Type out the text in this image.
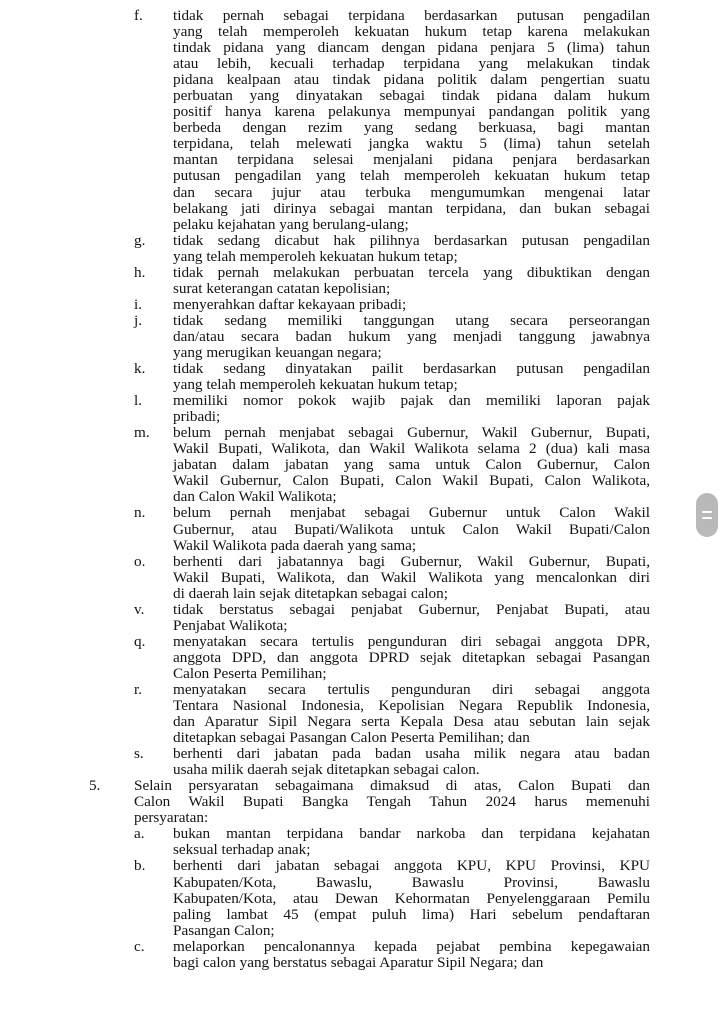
f.	tidak pernah sebagai terpidana berdasarkan putusan pengadilan
yang telah memperoleh kekuatan hukum tetap karena melakukan
tindak pidana yang diancam dengan pidana penjara 5 (lima) tahun
atau lebih, kecuali terhadap terpidana yang melakukan tindak
pidana kealpaan atau tindak pidana politik dalam pengertian suatu
perbuatan yang dinyatakan sebagai tindak pidana dalam hukum
positif hanya karena pelakunya mempunyai pandangan politik yang
berbeda dengan rezim yang sedang berkuasa, bagi mantan
terpidana, telah melewati jangka waktu 5 (lima) tahun setelah
mantan terpidana selesai menjalani pidana penjara berdasarkan
putusan pengadilan yang telah memperoleh kekuatan hukum tetap
dan secara jujur atau terbuka mengumumkan mengenai latar
belakang jati dirinya sebagai mantan terpidana, dan bukan sebagai
pelaku kejahatan yang berulang-ulang;
g.	tidak sedang dicabut hak pilihnya berdasarkan putusan pengadilan
yang telah memperoleh kekuatan hukum tetap;
h.	tidak pernah melakukan perbuatan tercela yang dibuktikan dengan
surat keterangan catatan kepolisian;
i.	menyerahkan daftar kekayaan pribadi;
j.	tidak sedang memiliki tanggungan utang secara perseorangan
dan/atau secara badan hukum yang menjadi tanggung jawabnya
yang merugikan keuangan negara;
k.	tidak sedang dinyatakan pailit berdasarkan putusan pengadilan
yang telah memperoleh kekuatan hukum tetap;
l.	memiliki nomor pokok wajib pajak dan memiliki laporan pajak
pribadi;
m.	belum pernah menjabat sebagai Gubernur, Wakil Gubernur, Bupati,
Wakil Bupati, Walikota, dan Wakil Walikota selama 2 (dua) kali masa
jabatan dalam jabatan yang sama untuk Calon Gubernur, Calon
Wakil Gubernur, Calon Bupati, Calon Wakil Bupati, Calon Walikota,
dan Calon Wakil Walikota;
n.	belum pernah menjabat sebagai Gubernur untuk Calon Wakil
Gubernur, atau Bupati/Walikota untuk Calon Wakil Bupati/Calon
Wakil Walikota pada daerah yang sama;
o.	berhenti dari jabatannya bagi Gubernur, Wakil Gubernur, Bupati,
Wakil Bupati, Walikota, dan Wakil Walikota yang mencalonkan diri
di daerah lain sejak ditetapkan sebagai calon;
v.	tidak berstatus sebagai penjabat Gubernur, Penjabat Bupati, atau
Penjabat Walikota;
q.	menyatakan secara tertulis pengunduran diri sebagai anggota DPR,
anggota DPD, dan anggota DPRD sejak ditetapkan sebagai Pasangan
Calon Peserta Pemilihan;
r.	menyatakan secara tertulis pengunduran diri sebagai anggota
Tentara Nasional Indonesia, Kepolisian Negara Republik Indonesia,
dan Aparatur Sipil Negara serta Kepala Desa atau sebutan lain sejak
ditetapkan sebagai Pasangan Calon Peserta Pemilihan; dan
s.	berhenti dari jabatan pada badan usaha milik negara atau badan
usaha milik daerah sejak ditetapkan sebagai calon.
5.	Selain persyaratan sebagaimana dimaksud di atas, Calon Bupati dan
Calon Wakil Bupati Bangka Tengah Tahun 2024 harus memenuhi
persyaratan:
a.	bukan mantan terpidana bandar narkoba dan terpidana kejahatan
seksual terhadap anak;
b.	berhenti dari jabatan sebagai anggota KPU, KPU Provinsi, KPU
Kabupaten/Kota, Bawaslu, Bawaslu Provinsi, Bawaslu
Kabupaten/Kota, atau Dewan Kehormatan Penyelenggaraan Pemilu
paling lambat 45 (empat puluh lima) Hari sebelum pendaftaran
Pasangan Calon;
c.	melaporkan pencalonannya kepada pejabat pembina kepegawaian
bagi calon yang berstatus sebagai Aparatur Sipil Negara; dan
